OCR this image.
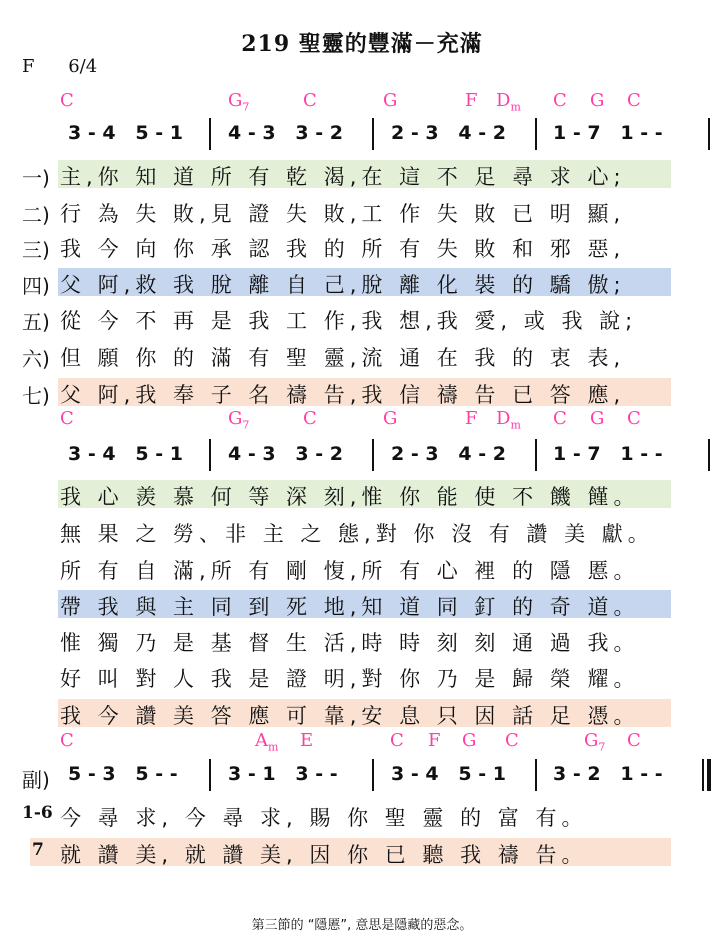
219 聖靈的豐滿－充滿
F 6/4
C	$G_7$	C	G	F $D_m$ C G C
3 - 4   5 - 1 4 - 3   3 - 2	2 - 3   4 - 2 1 - 7   1 - -
一) 主,你 知 道 所 有 乾 渴,在 這 不 足 尋 求 心;
二) 行 為 失 敗,見 證 失 敗,工 作 失 敗 已 明 顯,
三) 我 今 向 你 承 認 我 的 所 有 失 敗 和 邪 惡,
四) 父 阿,救 我 脫 離 自 己,脫 離 化 裝 的 驕 傲;
五) 從 今 不 再 是 我 工 作,我 想,我 愛, 或 我 說;
六) 但 願 你 的 滿 有 聖 靈,流 通 在 我 的 衷 表,
七) 父 阿,我 奉 子 名 禱 告,我 信 禱 告 已 答 應,
C	$G_7$	C	G	F $D_m$ C G C
3 - 4   5 - 1 4 - 3   3 - 2	2 - 3   4 - 2 1 - 7   1 - -
我 心 羨 慕 何 等 深 刻,惟 你 能 使 不 饑 饉。
無 果 之 勞、非 主 之 態,對 你 沒 有 讚 美 獻。
所 有 自 滿,所 有 剛 愎,所 有 心 裡 的 隱 慝。
帶 我 與 主 同 到 死 地,知 道 同 釘 的 奇 道。
惟 獨 乃 是 基 督 生 活,時 時 刻 刻 通 過 我。
好 叫 對 人 我 是 證 明,對 你 乃 是 歸 榮 耀。
我 今 讚 美 答 應 可 靠,安 息 只 因 話 足 憑。
C	$A_m$ E	C F G C	$G_7$ C
副) 5 - 3   5 - -	3 - 1   3 - -	3 - 4   5 - 1 3 - 2   1 - -
1-6 今 尋 求, 今 尋 求, 賜 你 聖 靈 的 富 有。
7 就 讚 美, 就 讚 美, 因 你 已 聽 我 禱 告。
第三節的 “隱慝”, 意思是隱藏的惡念。
